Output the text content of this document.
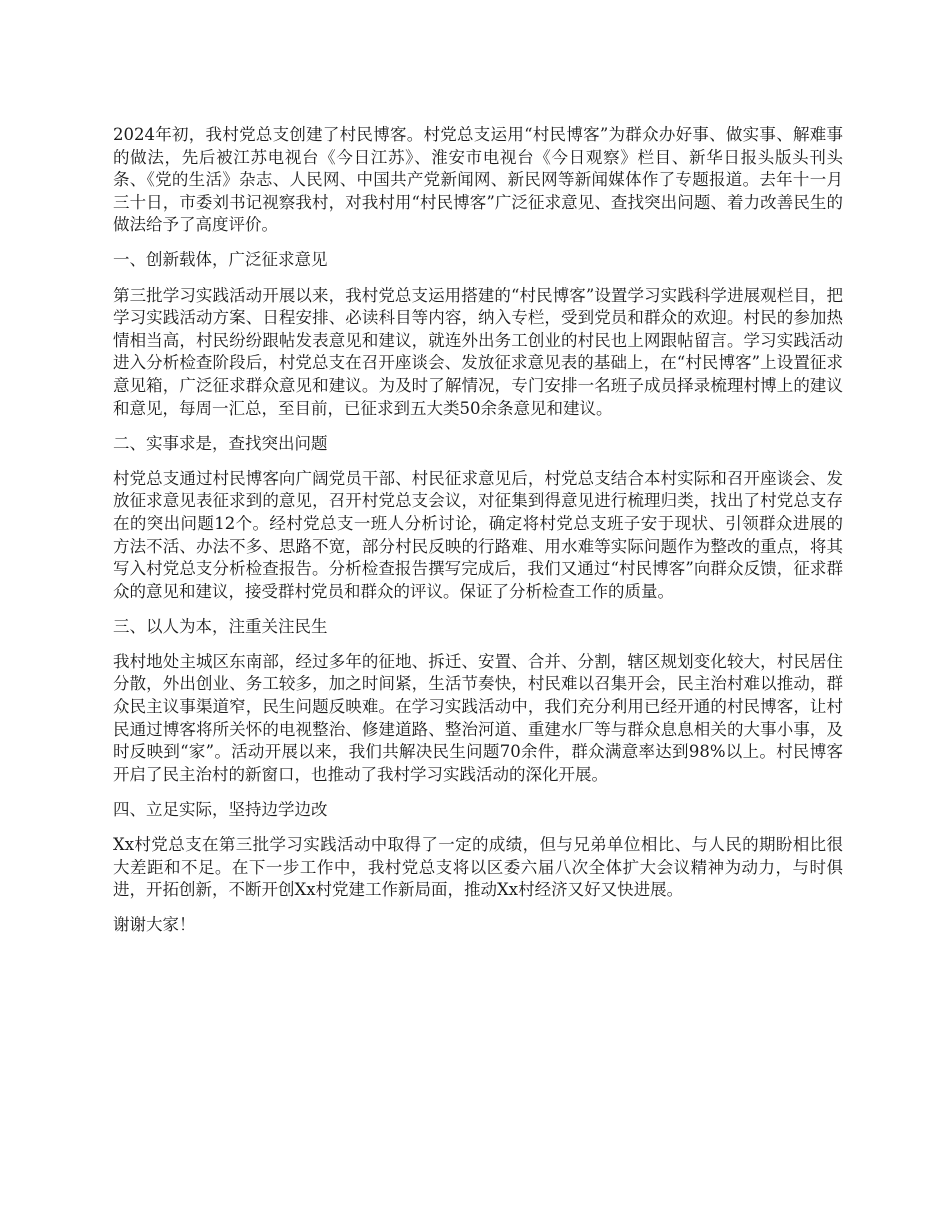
2024年初，我村党总支创建了村民博客。村党总支运用“村民博客”为群众办好事、做实事、解难事的做法，先后被江苏电视台《今日江苏》、淮安市电视台《今日观察》栏目、新华日报头版头刊头条、《党的生活》杂志、人民网、中国共产党新闻网、新民网等新闻媒体作了专题报道。去年十一月三十日，市委刘书记视察我村，对我村用“村民博客”广泛征求意见、查找突出问题、着力改善民生的做法给予了高度评价。

一、创新载体，广泛征求意见

第三批学习实践活动开展以来，我村党总支运用搭建的“村民博客”设置学习实践科学进展观栏目，把学习实践活动方案、日程安排、必读科目等内容，纳入专栏，受到党员和群众的欢迎。村民的参加热情相当高，村民纷纷跟帖发表意见和建议，就连外出务工创业的村民也上网跟帖留言。学习实践活动进入分析检查阶段后，村党总支在召开座谈会、发放征求意见表的基础上，在“村民博客”上设置征求意见箱，广泛征求群众意见和建议。为及时了解情况，专门安排一名班子成员择录梳理村博上的建议和意见，每周一汇总，至目前，已征求到五大类50余条意见和建议。

二、实事求是，查找突出问题

村党总支通过村民博客向广阔党员干部、村民征求意见后，村党总支结合本村实际和召开座谈会、发放征求意见表征求到的意见，召开村党总支会议，对征集到得意见进行梳理归类，找出了村党总支存在的突出问题12个。经村党总支一班人分析讨论，确定将村党总支班子安于现状、引领群众进展的方法不活、办法不多、思路不宽，部分村民反映的行路难、用水难等实际问题作为整改的重点，将其写入村党总支分析检查报告。分析检查报告撰写完成后，我们又通过“村民博客”向群众反馈，征求群众的意见和建议，接受群村党员和群众的评议。保证了分析检查工作的质量。

三、以人为本，注重关注民生

我村地处主城区东南部，经过多年的征地、拆迁、安置、合并、分割，辖区规划变化较大，村民居住分散，外出创业、务工较多，加之时间紧，生活节奏快，村民难以召集开会，民主治村难以推动，群众民主议事渠道窄，民生问题反映难。在学习实践活动中，我们充分利用已经开通的村民博客，让村民通过博客将所关怀的电视整治、修建道路、整治河道、重建水厂等与群众息息相关的大事小事，及时反映到“家”。活动开展以来，我们共解决民生问题70余件，群众满意率达到98%以上。村民博客开启了民主治村的新窗口，也推动了我村学习实践活动的深化开展。

四、立足实际，坚持边学边改

Xx村党总支在第三批学习实践活动中取得了一定的成绩，但与兄弟单位相比、与人民的期盼相比很大差距和不足。在下一步工作中，我村党总支将以区委六届八次全体扩大会议精神为动力，与时俱进，开拓创新，不断开创Xx村党建工作新局面，推动Xx村经济又好又快进展。

谢谢大家！
